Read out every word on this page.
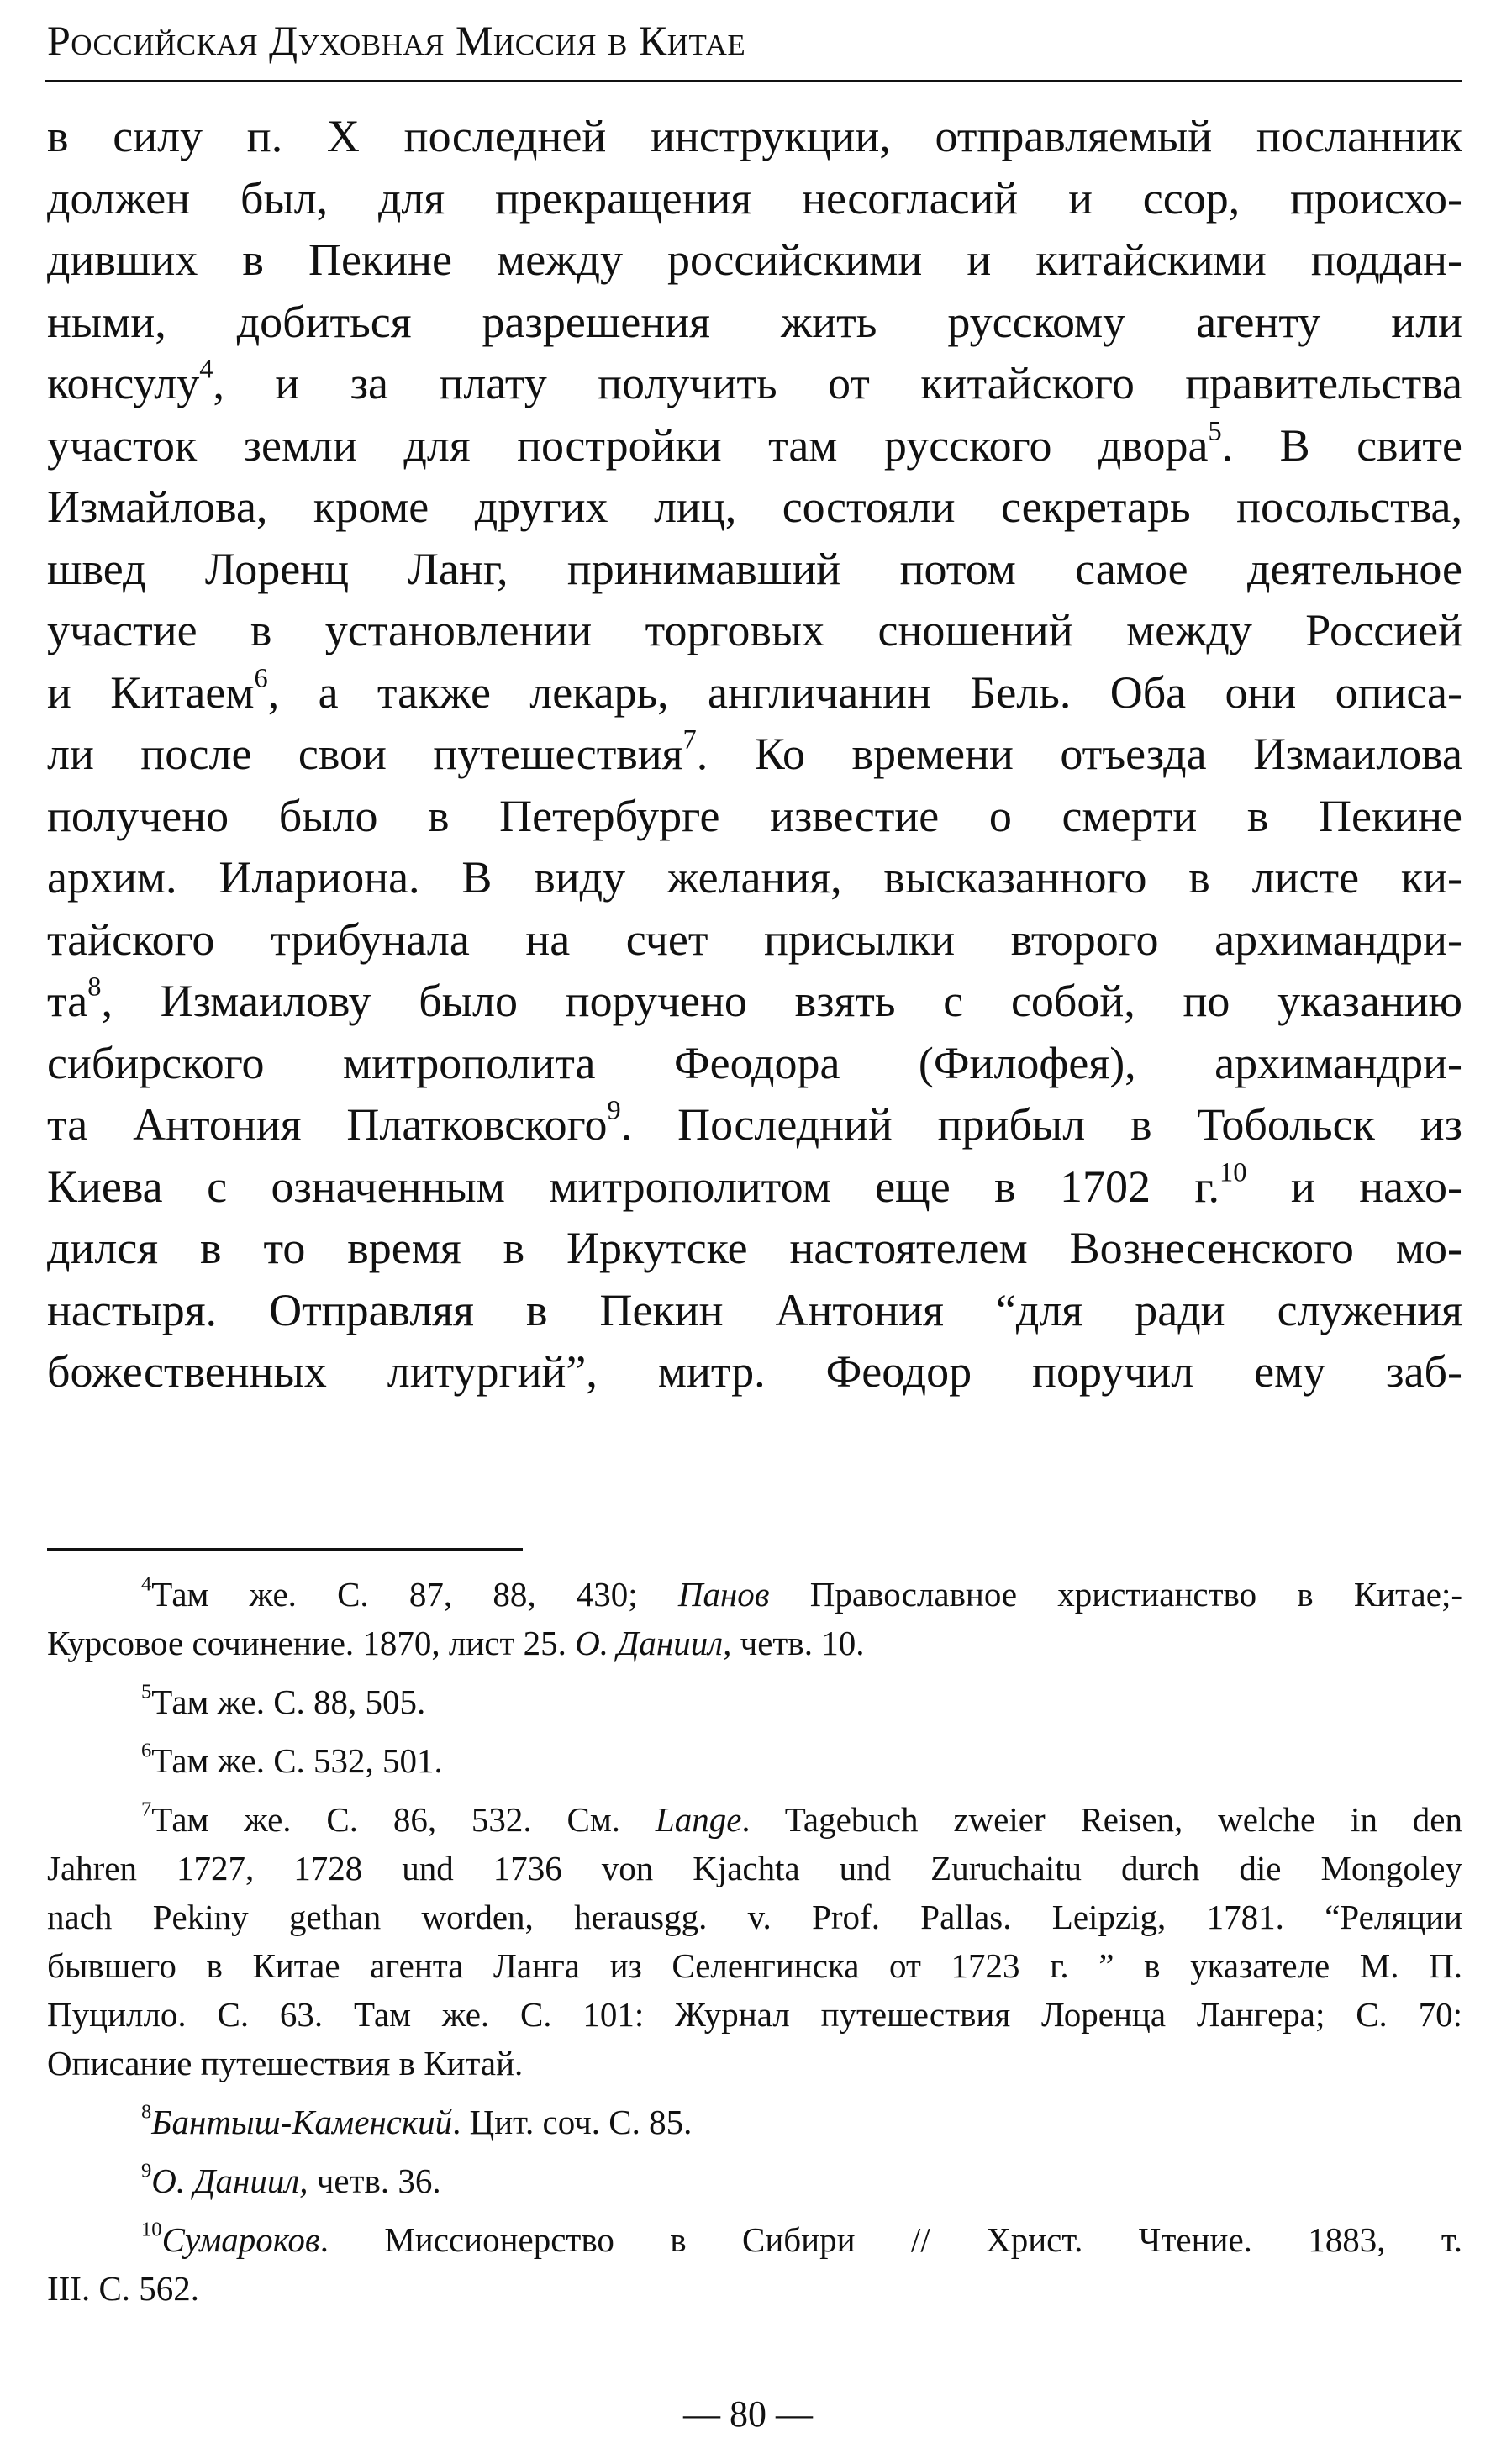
Российская Духовная Миссия в Китае
в силу п. X последней инструкции, отправляемый посланник
должен был, для прекращения несогласий и ссор, происхо-
дивших в Пекине между российскими и китайскими поддан-
ными, добиться разрешения жить русскому агенту или
консулу$^4$, и за плату получить от китайского правительства
участок земли для постройки там русского двора$^5$. В свите
Измайлова, кроме других лиц, состояли секретарь посольства,
швед Лоренц Ланг, принимавший потом самое деятельное
участие в установлении торговых сношений между Россией
и Китаем$^6$, а также лекарь, англичанин Бель. Оба они описа-
ли после свои путешествия$^7$. Ко времени отъезда Измаилова
получено было в Петербурге известие о смерти в Пекине
архим. Илариона. В виду желания, высказанного в листе ки-
тайского трибунала на счет присылки второго архимандри-
$та^8$, Измаилову было поручено взять с собой, по указанию
сибирского митрополита Феодора (Филофея), архимандри-
та Антония Платковского$^9$. Последний прибыл в Тобольск из
Киева с означенным митрополитом еще в 1702 г.$^{10}$ и нахо-
дился в то время в Иркутске настоятелем Вознесенского мо-
настыря. Отправляя в Пекин Антония “для ради служения
божественных литургий”, митр. Феодор поручил ему заб-
$^4$Там же. С. 87, 88, 430; Панов Православное христианство в Китае;-
Курсовое сочинение. 1870, лист 25. О. Даниил, четв. 10.
$^5$Там же. С. 88, 505.
$^6$Там же. С. 532, 501.
$^7$Там же. С. 86, 532. См. Lange. Tagebuch zweier Reisen, welche in den
Jahren 1727, 1728 und 1736 von Kjachta und Zuruchaitu durch die Mongoley
nach Pekiny gethan worden, herausgg. v. Prof. Pallas. Leipzig, 1781. “Реляции
бывшего в Китае агента Ланга из Селенгинска от 1723 г. ” в указателе М. П.
Пуцилло. С. 63. Там же. С. 101: Журнал путешествия Лоренца Лангера; С. 70:
Описание путешествия в Китай.
$^8$Бантыш-Каменский. Цит. соч. С. 85.
$^9$О. Даниил, четв. 36.
$^{10}$Сумароков. Миссионерство в Сибири // Христ. Чтение. 1883, т.
III. С. 562.
— 80 —
